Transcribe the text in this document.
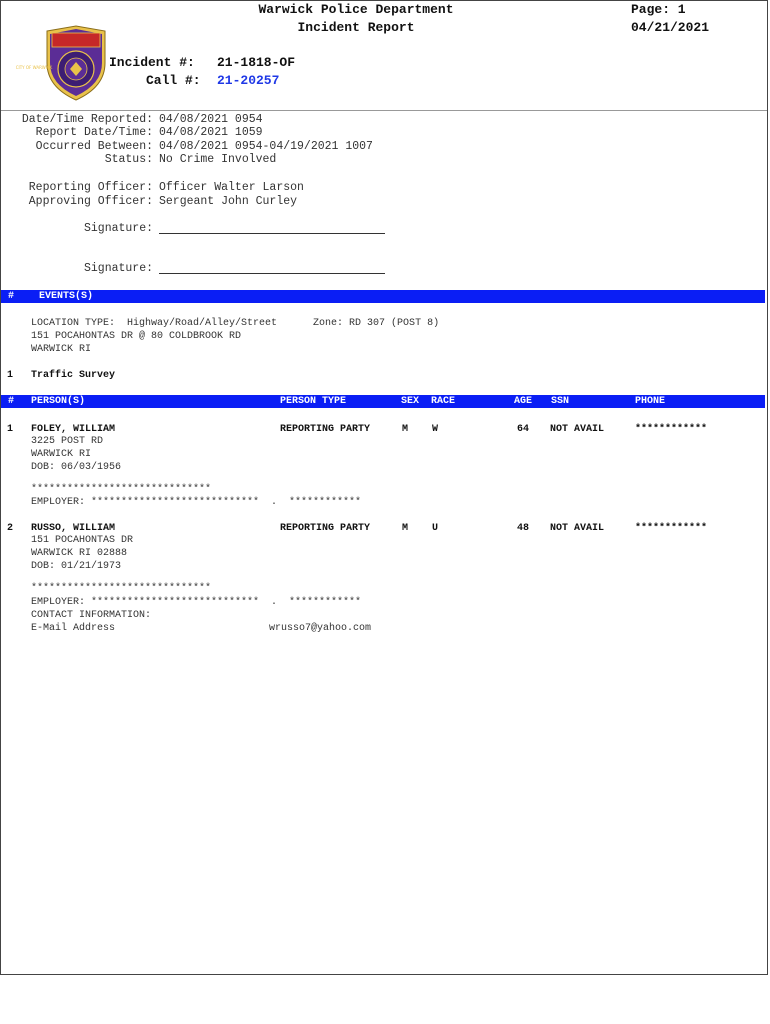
POLICE DEPARTMENT
CITY OF WARWICK
Warwick Police Department
Incident Report
Page: 1
04/21/2021
Incident #: 21-1818-OF
Call #: 21-20257
Date/Time Reported: 04/08/2021 0954
Report Date/Time: 04/08/2021 1059
Occurred Between: 04/08/2021 0954-04/19/2021 1007
Status: No Crime Involved
Reporting Officer: Officer Walter Larson
Approving Officer: Sergeant John Curley
Signature:
Signature:
# EVENTS(S)
LOCATION TYPE:  Highway/Road/Alley/Street      Zone: RD 307 (POST 8)
151 POCAHONTAS DR @ 80 COLDBROOK RD
WARWICK RI
1 Traffic Survey
# PERSON(S)	PERSON TYPE	SEX RACE	AGE SSN	PHONE
1 FOLEY, WILLIAM	REPORTING PARTY	M W	64 NOT AVAIL	************
3225 POST RD
WARWICK RI
DOB: 06/03/1956
******************************
EMPLOYER: ****************************  .  ************
2 RUSSO, WILLIAM	REPORTING PARTY	M U	48 NOT AVAIL	************
151 POCAHONTAS DR
WARWICK RI 02888
DOB: 01/21/1973
******************************
EMPLOYER: ****************************  .  ************
CONTACT INFORMATION:
E-Mail Address	wrusso7@yahoo.com
